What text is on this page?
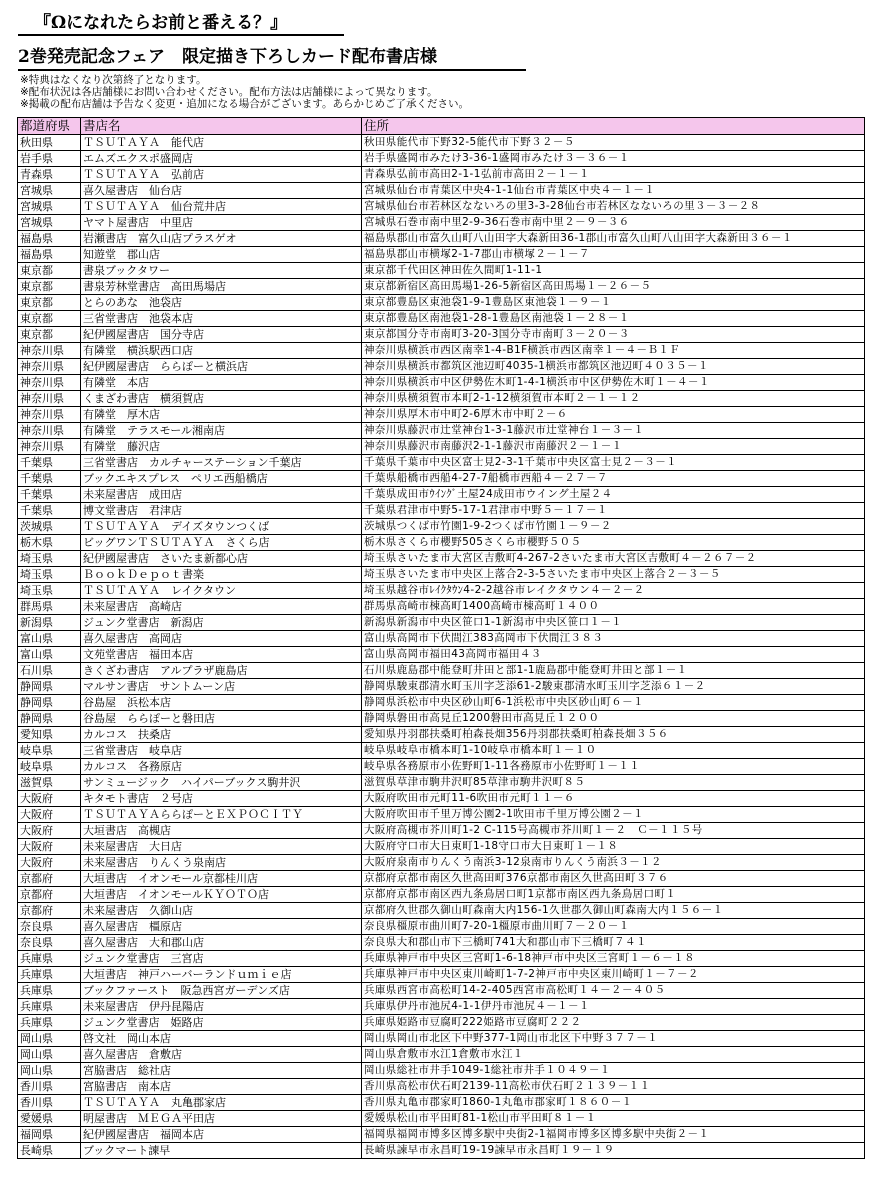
『Ωになれたらお前と番える？』
2巻発売記念フェア　限定描き下ろしカード配布書店様
※特典はなくなり次第終了となります。
※配布状況は各店舗様にお問い合わせください。配布方法は店舗様によって異なります。
※掲載の配布店舗は予告なく変更・追加になる場合がございます。あらかじめご了承ください。
都道府県	書店名	住所
秋田県	ＴＳＵＴＡＹＡ　能代店	秋田県能代市下野32-5能代市下野３２－５
岩手県	エムズエクスポ盛岡店	岩手県盛岡市みたけ3-36-1盛岡市みたけ３－３６－１
青森県	ＴＳＵＴＡＹＡ　弘前店	青森県弘前市高田2-1-1弘前市高田２－１－１
宮城県	喜久屋書店　仙台店	宮城県仙台市青葉区中央4-1-1仙台市青葉区中央４－１－１
宮城県	ＴＳＵＴＡＹＡ　仙台荒井店	宮城県仙台市若林区なないろの里3-3-28仙台市若林区なないろの里３－３－２８
宮城県	ヤマト屋書店　中里店	宮城県石巻市南中里2-9-36石巻市南中里２－９－３６
福島県	岩瀬書店　富久山店プラスゲオ	福島県郡山市富久山町八山田字大森新田36-1郡山市富久山町八山田字大森新田３６－１
福島県	知遊堂　郡山店	福島県郡山市横塚2-1-7郡山市横塚２－１－７
東京都	書泉ブックタワー	東京都千代田区神田佐久間町1-11-1
東京都	書泉芳林堂書店　高田馬場店	東京都新宿区高田馬場1-26-5新宿区高田馬場１－２６－５
東京都	とらのあな　池袋店	東京都豊島区東池袋1-9-1豊島区東池袋１－９－１
東京都	三省堂書店　池袋本店	東京都豊島区南池袋1-28-1豊島区南池袋１－２８－１
東京都	紀伊國屋書店　国分寺店	東京都国分寺市南町3-20-3国分寺市南町３－２０－３
神奈川県	有隣堂　横浜駅西口店	神奈川県横浜市西区南幸1-4-B1F横浜市西区南幸１－４－Ｂ１Ｆ
神奈川県	紀伊國屋書店　ららぽーと横浜店	神奈川県横浜市都筑区池辺町4035-1横浜市都筑区池辺町４０３５－１
神奈川県	有隣堂　本店	神奈川県横浜市中区伊勢佐木町1-4-1横浜市中区伊勢佐木町１－４－１
神奈川県	くまざわ書店　横須賀店	神奈川県横須賀市本町2-1-12横須賀市本町２－１－１２
神奈川県	有隣堂　厚木店	神奈川県厚木市中町2-6厚木市中町２－６
神奈川県	有隣堂　テラスモール湘南店	神奈川県藤沢市辻堂神台1-3-1藤沢市辻堂神台１－３－１
神奈川県	有隣堂　藤沢店	神奈川県藤沢市南藤沢2-1-1藤沢市南藤沢２－１－１
千葉県	三省堂書店　カルチャーステーション千葉店	千葉県千葉市中央区富士見2-3-1千葉市中央区富士見２－３－１
千葉県	ブックエキスプレス　ペリエ西船橋店	千葉県船橋市西船4-27-7船橋市西船４－２７－７
千葉県	未来屋書店　成田店	千葉県成田市ｳｲﾝｸﾞ土屋24成田市ウイング土屋２４
千葉県	博文堂書店　君津店	千葉県君津市中野5-17-1君津市中野５－１７－１
茨城県	ＴＳＵＴＡＹＡ　デイズタウンつくば	茨城県つくば市竹園1-9-2つくば市竹園１－９－２
栃木県	ビッグワンＴＳＵＴＡＹＡ　さくら店	栃木県さくら市櫻野505さくら市櫻野５０５
埼玉県	紀伊國屋書店　さいたま新都心店	埼玉県さいたま市大宮区吉敷町4-267-2さいたま市大宮区吉敷町４－２６７－２
埼玉県	ＢｏｏｋＤｅｐｏｔ書楽	埼玉県さいたま市中央区上落合2-3-5さいたま市中央区上落合２－３－５
埼玉県	ＴＳＵＴＡＹＡ　レイクタウン	埼玉県越谷市ﾚｲｸﾀｳﾝ4-2-2越谷市レイクタウン４－２－２
群馬県	未来屋書店　高崎店	群馬県高崎市棟高町1400高崎市棟高町１４００
新潟県	ジュンク堂書店　新潟店	新潟県新潟市中央区笹口1-1新潟市中央区笹口１－１
富山県	喜久屋書店　高岡店	富山県高岡市下伏間江383高岡市下伏間江３８３
富山県	文苑堂書店　福田本店	富山県高岡市福田43高岡市福田４３
石川県	きくざわ書店　アルプラザ鹿島店	石川県鹿島郡中能登町井田と部1-1鹿島郡中能登町井田と部１－１
静岡県	マルサン書店　サントムーン店	静岡県駿東郡清水町玉川字芝添61-2駿東郡清水町玉川字芝添６１－２
静岡県	谷島屋　浜松本店	静岡県浜松市中央区砂山町6-1浜松市中央区砂山町６－１
静岡県	谷島屋　ららぽーと磐田店	静岡県磐田市高見丘1200磐田市高見丘１２００
愛知県	カルコス　扶桑店	愛知県丹羽郡扶桑町柏森長畑356丹羽郡扶桑町柏森長畑３５６
岐阜県	三省堂書店　岐阜店	岐阜県岐阜市橋本町1-10岐阜市橋本町１－１０
岐阜県	カルコス　各務原店	岐阜県各務原市小佐野町1-11各務原市小佐野町１－１１
滋賀県	サンミュージック　ハイパーブックス駒井沢	滋賀県草津市駒井沢町85草津市駒井沢町８５
大阪府	キタモト書店　２号店	大阪府吹田市元町11-6吹田市元町１１－６
大阪府	ＴＳＵＴＡＹＡららぽーとＥＸＰＯＣＩＴＹ	大阪府吹田市千里万博公園2-1吹田市千里万博公園２－１
大阪府	大垣書店　高槻店	大阪府高槻市芥川町1-2 C-115号高槻市芥川町１－２　Ｃ－１１５号
大阪府	未来屋書店　大日店	大阪府守口市大日東町1-18守口市大日東町１－１８
大阪府	未来屋書店　りんくう泉南店	大阪府泉南市りんくう南浜3-12泉南市りんくう南浜３－１２
京都府	大垣書店　イオンモール京都桂川店	京都府京都市南区久世高田町376京都市南区久世高田町３７６
京都府	大垣書店　イオンモールＫＹＯＴＯ店	京都府京都市南区西九条鳥居口町1京都市南区西九条鳥居口町１
京都府	未来屋書店　久御山店	京都府久世郡久御山町森南大内156-1久世郡久御山町森南大内１５６－１
奈良県	喜久屋書店　橿原店	奈良県橿原市曲川町7-20-1橿原市曲川町７－２０－１
奈良県	喜久屋書店　大和郡山店	奈良県大和郡山市下三橋町741大和郡山市下三橋町７４１
兵庫県	ジュンク堂書店　三宮店	兵庫県神戸市中央区三宮町1-6-18神戸市中央区三宮町１－６－１８
兵庫県	大垣書店　神戸ハーバーランドｕｍｉｅ店	兵庫県神戸市中央区東川崎町1-7-2神戸市中央区東川崎町１－７－２
兵庫県	ブックファースト　阪急西宮ガーデンズ店	兵庫県西宮市高松町14-2-405西宮市高松町１４－２－４０５
兵庫県	未来屋書店　伊丹昆陽店	兵庫県伊丹市池尻4-1-1伊丹市池尻４－１－１
兵庫県	ジュンク堂書店　姫路店	兵庫県姫路市豆腐町222姫路市豆腐町２２２
岡山県	啓文社　岡山本店	岡山県岡山市北区下中野377-1岡山市北区下中野３７７－１
岡山県	喜久屋書店　倉敷店	岡山県倉敷市水江1倉敷市水江１
岡山県	宮脇書店　総社店	岡山県総社市井手1049-1総社市井手１０４９－１
香川県	宮脇書店　南本店	香川県高松市伏石町2139-11高松市伏石町２１３９－１１
香川県	ＴＳＵＴＡＹＡ　丸亀郡家店	香川県丸亀市郡家町1860-1丸亀市郡家町１８６０－１
愛媛県	明屋書店　ＭＥＧＡ平田店	愛媛県松山市平田町81-1松山市平田町８１－１
福岡県	紀伊國屋書店　福岡本店	福岡県福岡市博多区博多駅中央街2-1福岡市博多区博多駅中央街２－１
長崎県	ブックマート諫早	長崎県諫早市永昌町19-19諫早市永昌町１９－１９
